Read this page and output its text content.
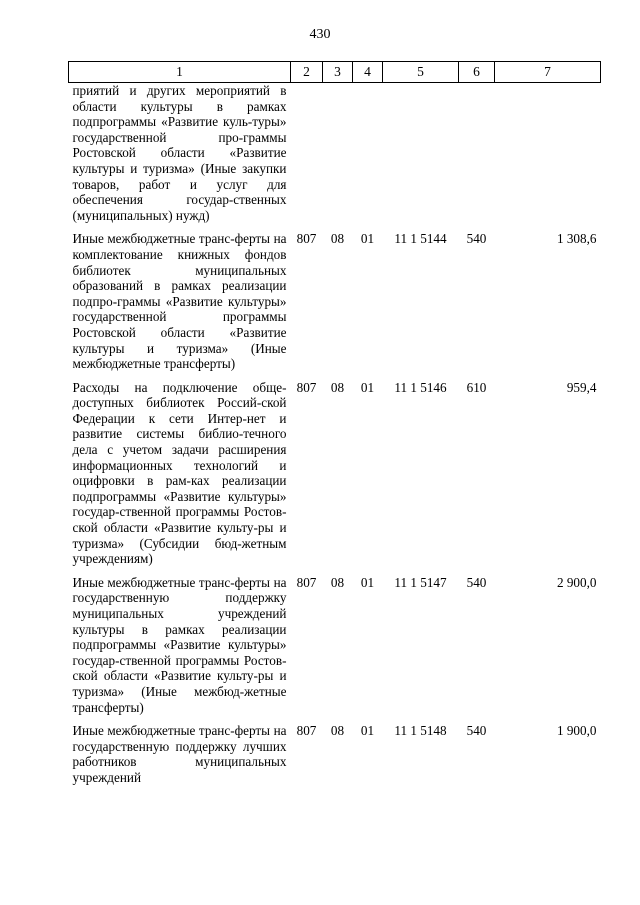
430
1	2	3	4	5	6	7
приятий и других мероприятий в области культуры в рамках подпрограммы «Развитие куль-туры» государственной про-граммы Ростовской области «Развитие культуры и туризма» (Иные закупки товаров, работ и услуг для обеспечения государ-ственных (муниципальных) нужд)						
Иные межбюджетные транс-ферты на комплектование книжных фондов библиотек муниципальных образований в рамках реализации подпро-граммы «Развитие культуры» государственной программы Ростовской области «Развитие культуры и туризма» (Иные межбюджетные трансферты)	807	08	01	11 1 5144	540	1 308,6
Расходы на подключение обще-доступных библиотек Россий-ской Федерации к сети Интер-нет и развитие системы библио-течного дела с учетом задачи расширения информационных технологий и оцифровки в рам-ках реализации подпрограммы «Развитие культуры» государ-ственной программы Ростов-ской области «Развитие культу-ры и туризма» (Субсидии бюд-жетным учреждениям)	807	08	01	11 1 5146	610	959,4
Иные межбюджетные транс-ферты на государственную поддержку муниципальных учреждений культуры в рамках реализации подпрограммы «Развитие культуры» государ-ственной программы Ростов-ской области «Развитие культу-ры и туризма» (Иные межбюд-жетные трансферты)	807	08	01	11 1 5147	540	2 900,0
Иные межбюджетные транс-ферты на государственную поддержку лучших работников муниципальных учреждений	807	08	01	11 1 5148	540	1 900,0
